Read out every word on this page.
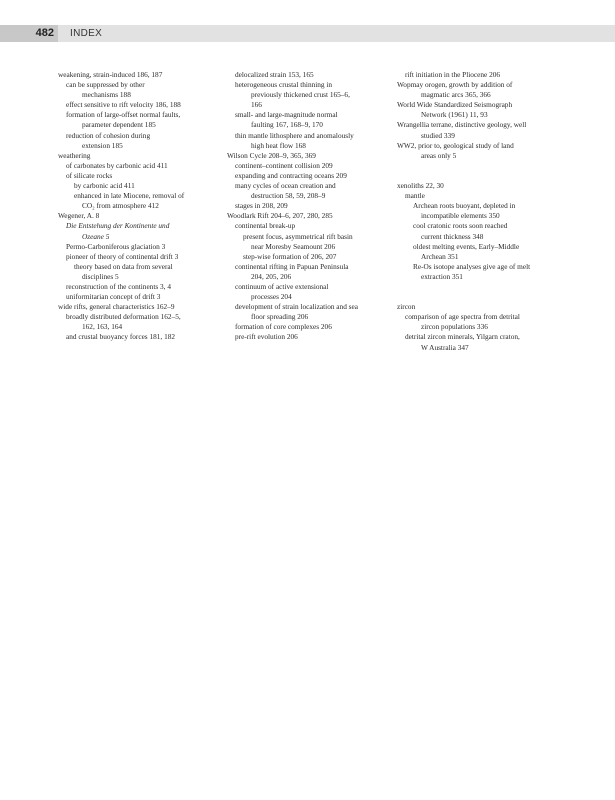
482	INDEX
weakening, strain-induced 186, 187
can be suppressed by other
mechanisms 188
effect sensitive to rift velocity 186, 188
formation of large-offset normal faults,
parameter dependent 185
reduction of cohesion during
extension 185
weathering
of carbonates by carbonic acid 411
of silicate rocks
by carbonic acid 411
enhanced in late Miocene, removal of
CO₂ from atmosphere 412
Wegener, A. 8
Die Entstehung der Kontinente und
Ozeane 5
Permo-Carboniferous glaciation 3
pioneer of theory of continental drift 3
theory based on data from several
disciplines 5
reconstruction of the continents 3, 4
uniformitarian concept of drift 3
wide rifts, general characteristics 162–9
broadly distributed deformation 162–5,
162, 163, 164
and crustal buoyancy forces 181, 182
delocalized strain 153, 165
heterogeneous crustal thinning in
previously thickened crust 165–6,
166
small- and large-magnitude normal
faulting 167, 168–9, 170
thin mantle lithosphere and anomalously
high heat flow 168
Wilson Cycle 208–9, 365, 369
continent–continent collision 209
expanding and contracting oceans 209
many cycles of ocean creation and
destruction 58, 59, 208–9
stages in 208, 209
Woodlark Rift 204–6, 207, 280, 285
continental break-up
present focus, asymmetrical rift basin
near Moresby Seamount 206
step-wise formation of 206, 207
continental rifting in Papuan Peninsula
204, 205, 206
continuum of active extensional
processes 204
development of strain localization and sea
floor spreading 206
formation of core complexes 206
pre-rift evolution 206
rift initiation in the Pliocene 206
Wopmay orogen, growth by addition of
magmatic arcs 365, 366
World Wide Standardized Seismograph
Network (1961) 11, 93
Wrangellia terrane, distinctive geology, well
studied 339
WW2, prior to, geological study of land
areas only 5
xenoliths 22, 30
mantle
Archean roots buoyant, depleted in
incompatible elements 350
cool cratonic roots soon reached
current thickness 348
oldest melting events, Early–Middle
Archean 351
Re-Os isotope analyses give age of melt
extraction 351
zircon
comparison of age spectra from detrital
zircon populations 336
detrital zircon minerals, Yilgarn craton,
W Australia 347
